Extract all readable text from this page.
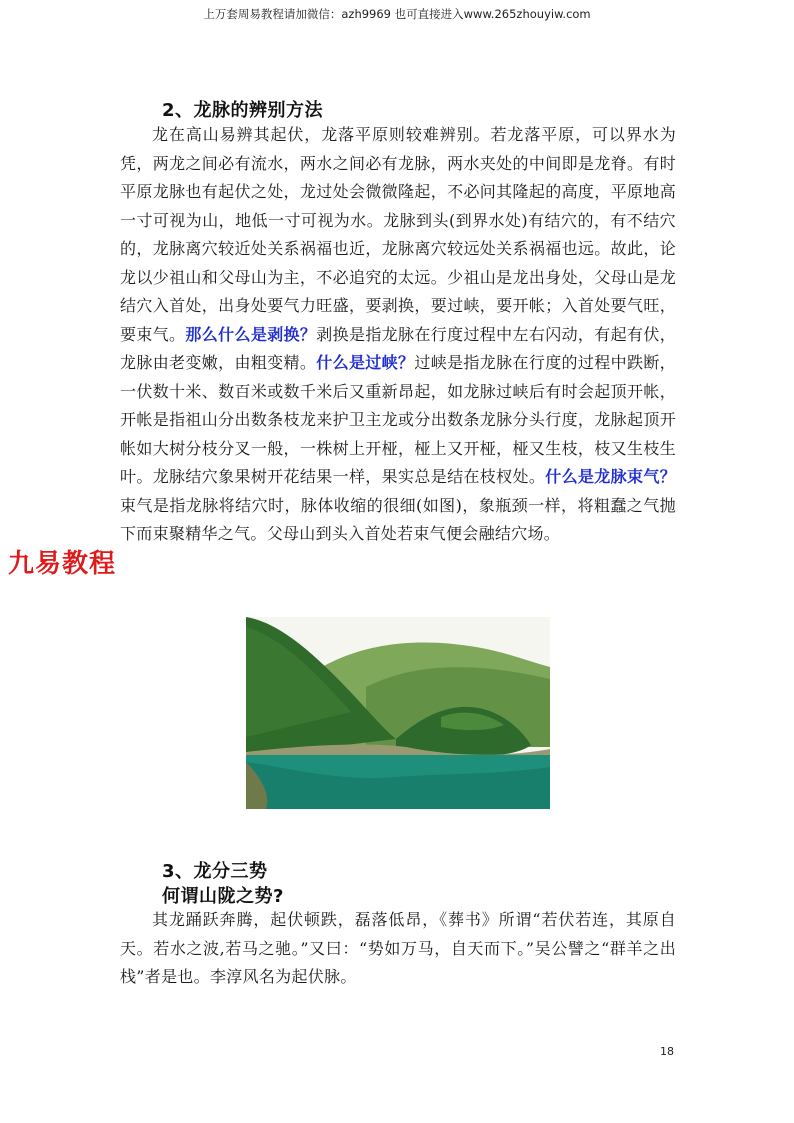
上万套周易教程请加微信：azh9969 也可直接进入www.265zhouyiw.com
2、龙脉的辨别方法

龙在高山易辨其起伏，龙落平原则较难辨别。若龙落平原，可以界水为凭，两龙之间必有流水，两水之间必有龙脉，两水夹处的中间即是龙脊。有时平原龙脉也有起伏之处，龙过处会微微隆起，不必问其隆起的高度，平原地高一寸可视为山，地低一寸可视为水。龙脉到头(到界水处)有结穴的，有不结穴的，龙脉离穴较近处关系祸福也近，龙脉离穴较远处关系祸福也远。故此，论龙以少祖山和父母山为主，不必追究的太远。少祖山是龙出身处，父母山是龙结穴入首处，出身处要气力旺盛，要剥换，要过峡，要开帐；入首处要气旺，要束气。那么什么是剥换？剥换是指龙脉在行度过程中左右闪动，有起有伏，龙脉由老变嫩，由粗变精。什么是过峡？过峡是指龙脉在行度的过程中跌断，一伏数十米、数百米或数千米后又重新昂起，如龙脉过峡后有时会起顶开帐，开帐是指祖山分出数条枝龙来护卫主龙或分出数条龙脉分头行度，龙脉起顶开帐如大树分枝分叉一般，一株树上开桠，桠上又开桠，桠又生枝，枝又生枝生叶。龙脉结穴象果树开花结果一样，果实总是结在枝杈处。什么是龙脉束气？束气是指龙脉将结穴时，脉体收缩的很细(如图)，象瓶颈一样，将粗蠢之气抛下而束聚精华之气。父母山到头入首处若束气便会融结穴场。

九易教程
3、龙分三势
何谓山陇之势?

其龙踊跃奔腾，起伏顿跌，磊落低昂，《葬书》所谓“若伏若连，其原自天。若水之波,若马之驰。”又曰：“势如万马，自天而下。”吴公譬之“群羊之出栈”者是也。李淳风名为起伏脉。

18
